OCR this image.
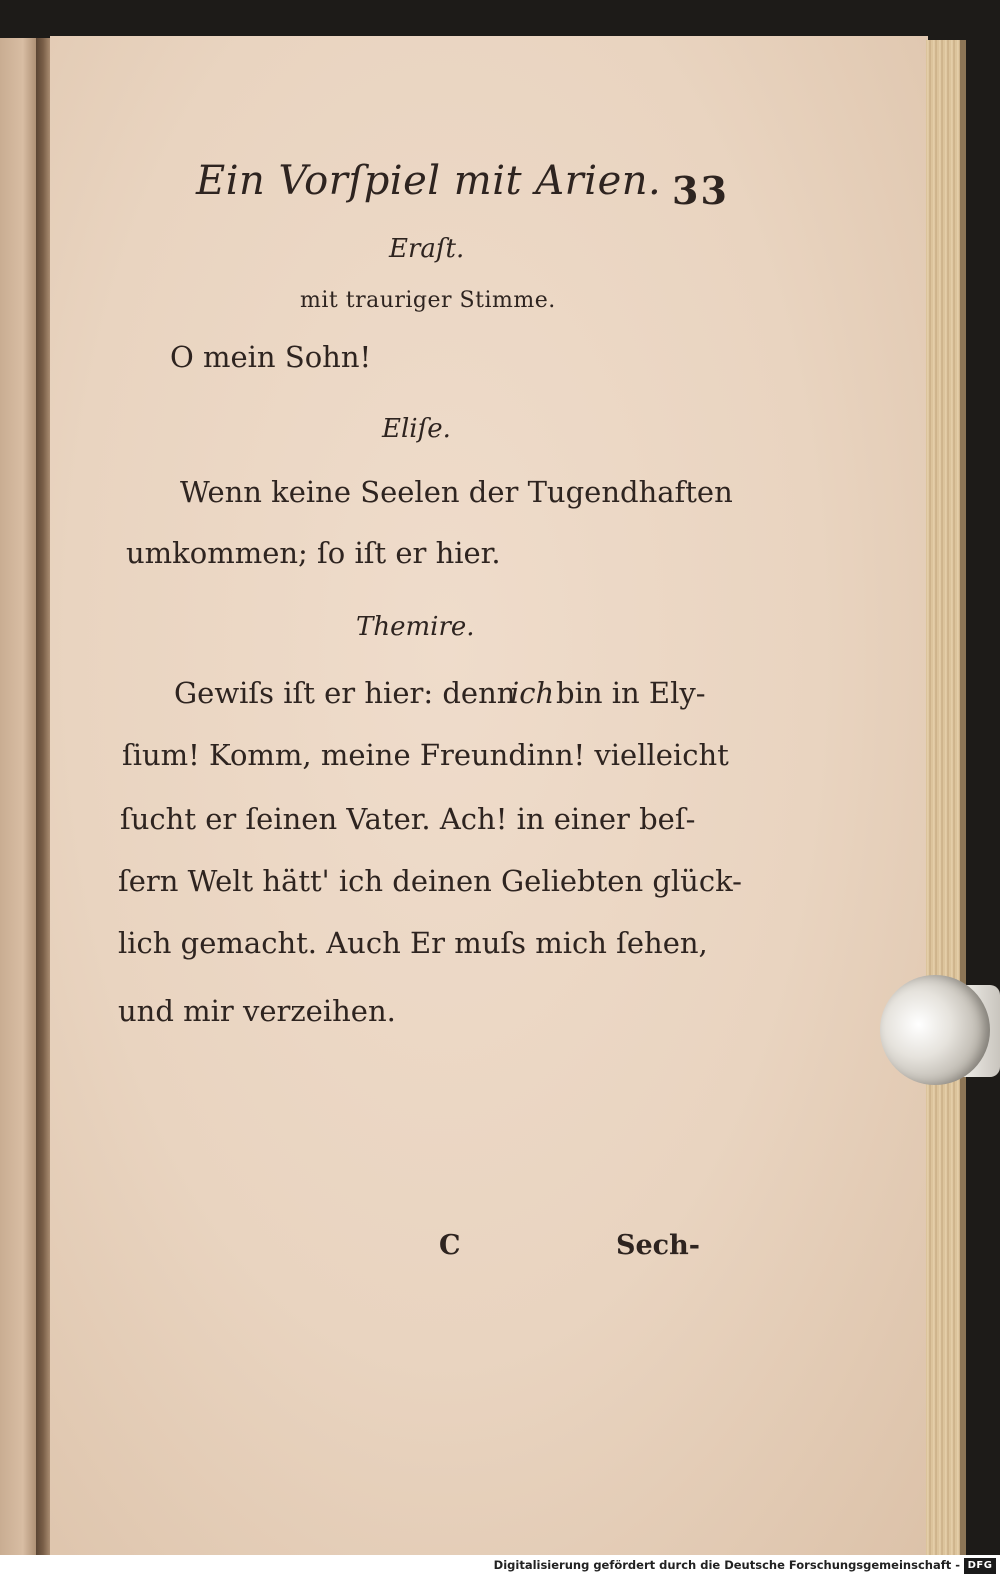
Ein Vorſpiel mit Arien. 33
Eraſt.
mit trauriger Stimme.
O mein Sohn!
Eliſe.
Wenn keine Seelen der Tugendhaften
umkommen; ſo iſt er hier.
Themire.
Gewiſs iſt er hier: denn
ich bin in Ely-
ſium! Komm, meine Freundinn! vielleicht
ſucht er ſeinen Vater. Ach! in einer beſ-
ſern Welt hätt' ich deinen Geliebten glück-
lich gemacht. Auch Er muſs mich ſehen,
und mir verzeihen.
C	Sech-
Digitalisierung gefördert durch die Deutsche Forschungsgemeinschaft - DFG
